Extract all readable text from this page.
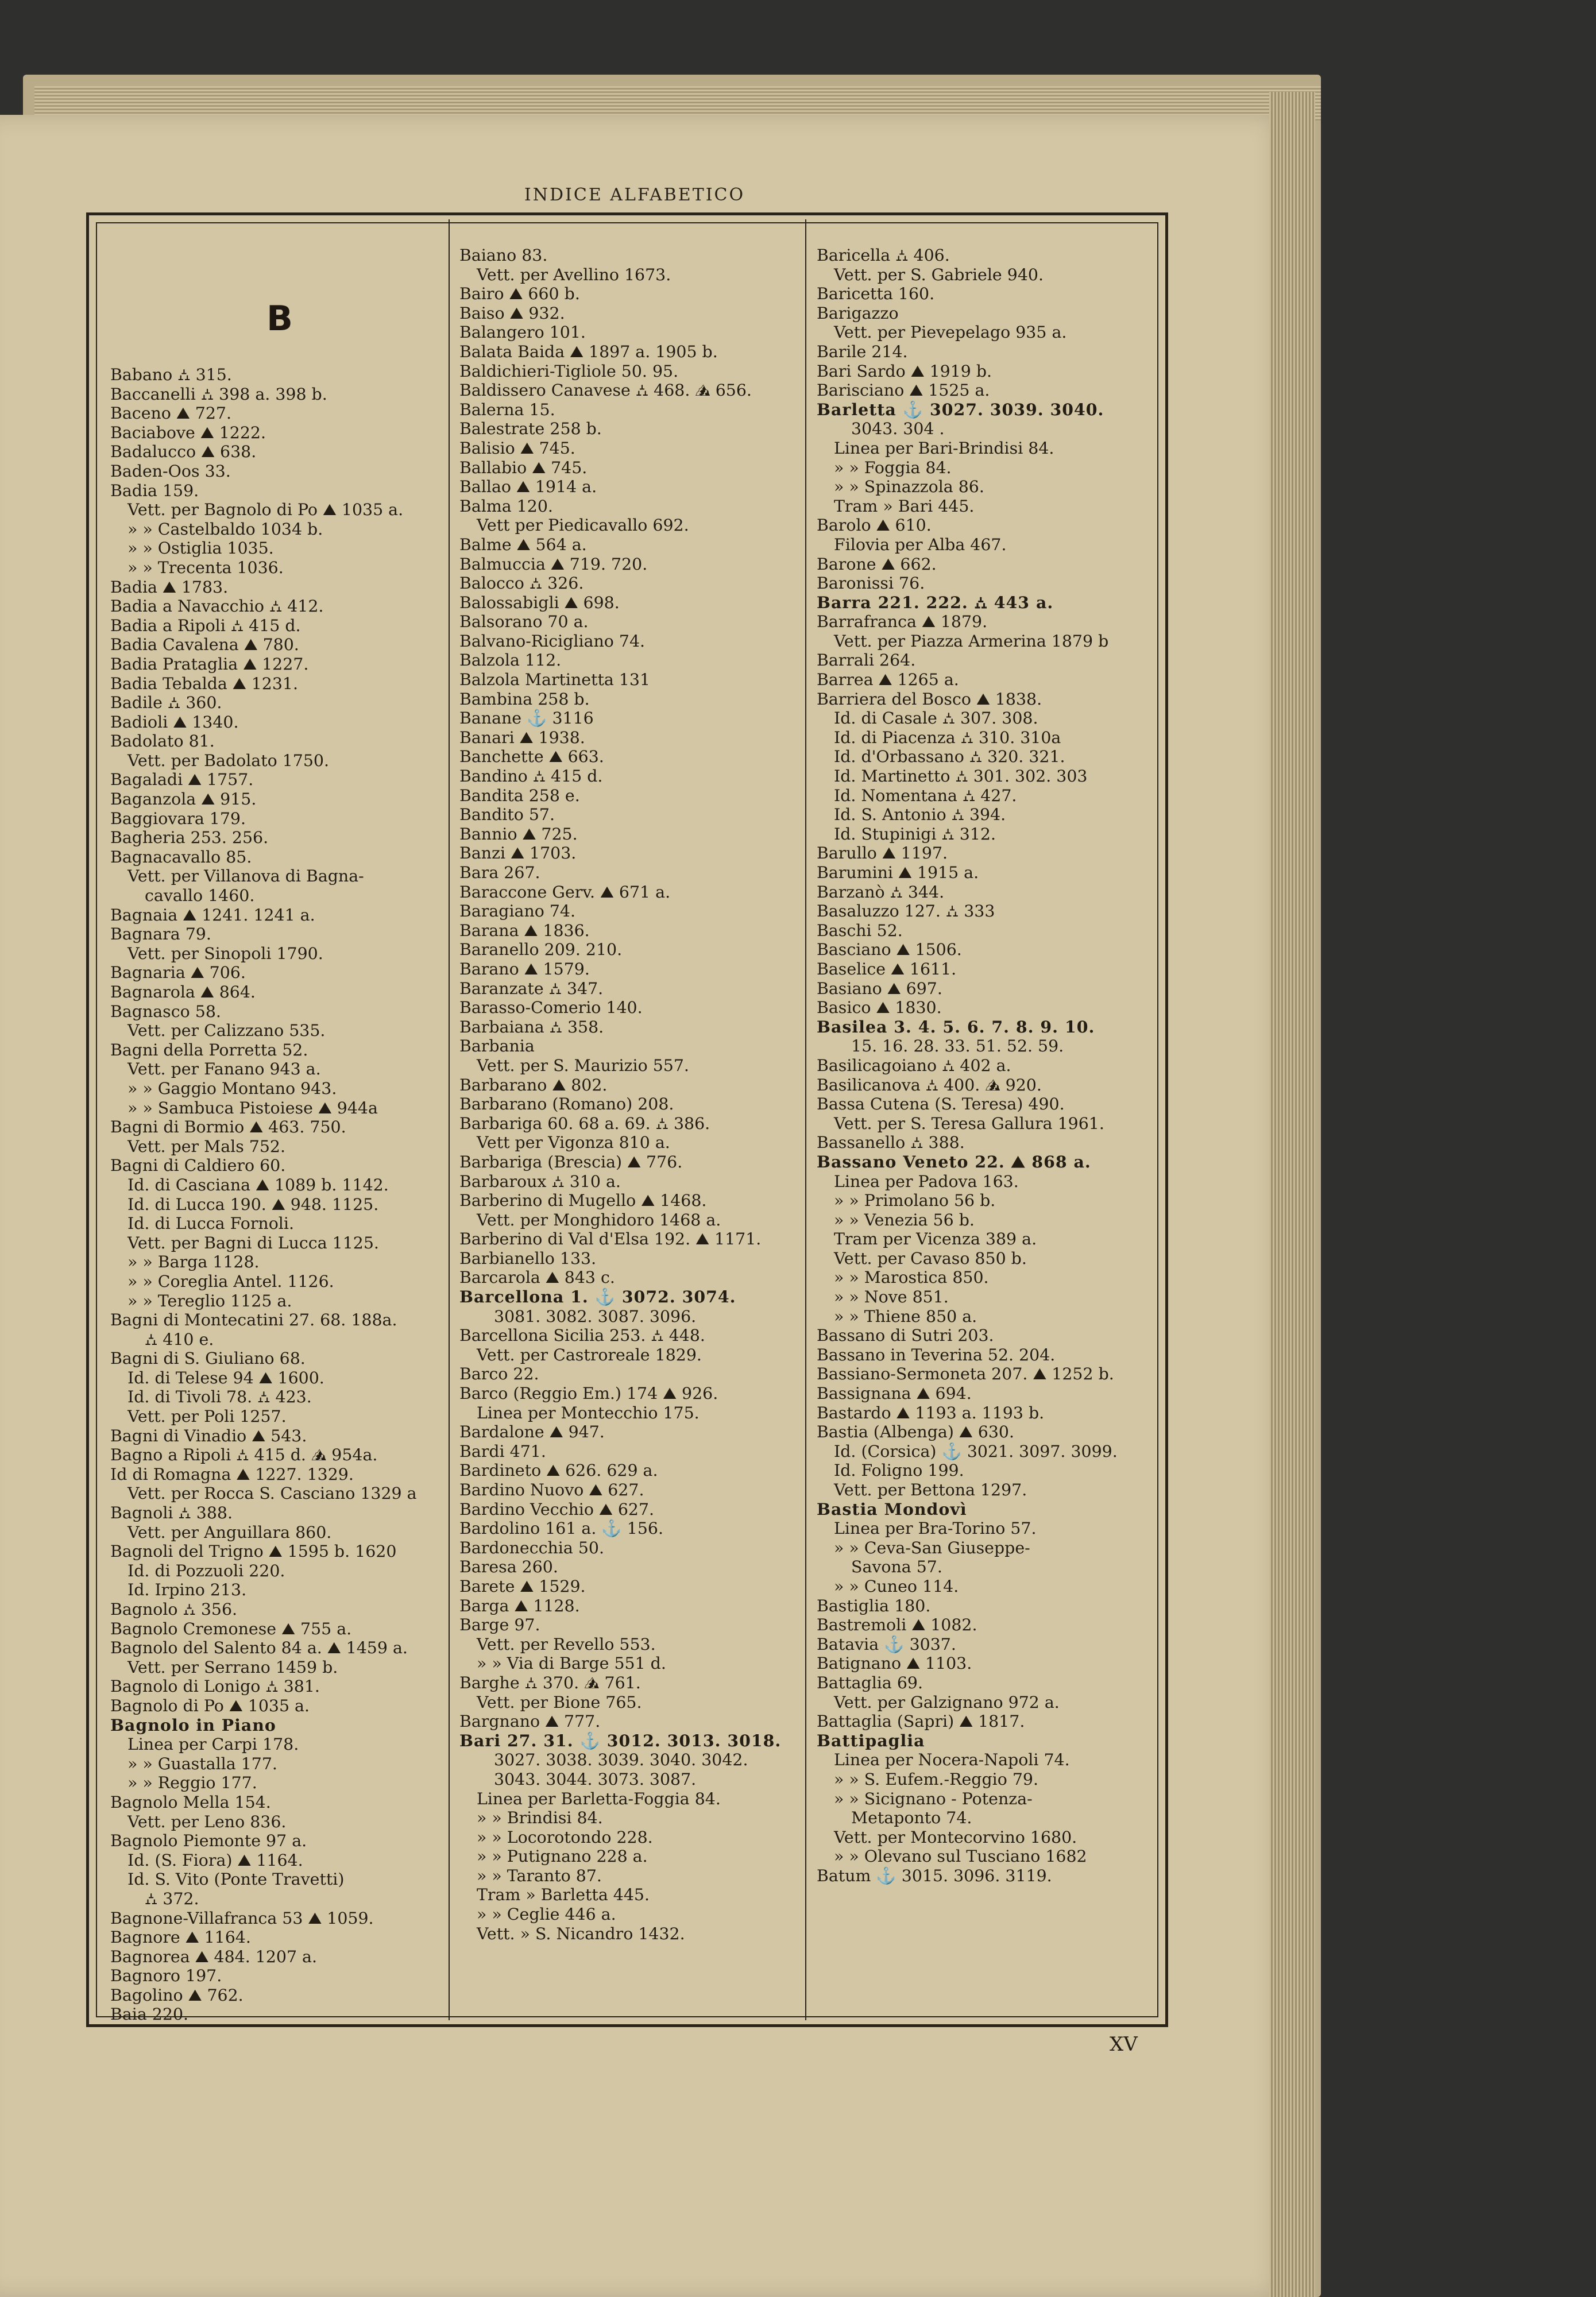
INDICE ALFABETICO
B
Babano ⛼ 315.
Baccanelli ⛼ 398 a. 398 b.
Baceno ⛰ 727.
Baciabove ⛰ 1222.
Badalucco ⛰ 638.
Baden-Oos 33.
Badia 159.
Vett. per Bagnolo di Po ⛰ 1035 a.
» » Castelbaldo 1034 b.
» » Ostiglia 1035.
» » Trecenta 1036.
Badia ⛰ 1783.
Badia a Navacchio ⛼ 412.
Badia a Ripoli ⛼ 415 d.
Badia Cavalena ⛰ 780.
Badia Prataglia ⛰ 1227.
Badia Tebalda ⛰ 1231.
Badile ⛼ 360.
Badioli ⛰ 1340.
Badolato 81.
Vett. per Badolato 1750.
Bagaladi ⛰ 1757.
Baganzola ⛰ 915.
Baggiovara 179.
Bagheria 253. 256.
Bagnacavallo 85.
Vett. per Villanova di Bagna-
cavallo 1460.
Bagnaia ⛰ 1241. 1241 a.
Bagnara 79.
Vett. per Sinopoli 1790.
Bagnaria ⛰ 706.
Bagnarola ⛰ 864.
Bagnasco 58.
Vett. per Calizzano 535.
Bagni della Porretta 52.
Vett. per Fanano 943 a.
» » Gaggio Montano 943.
» » Sambuca Pistoiese ⛰ 944a
Bagni di Bormio ⛰ 463. 750.
Vett. per Mals 752.
Bagni di Caldiero 60.
Id. di Casciana ⛰ 1089 b. 1142.
Id. di Lucca 190. ⛰ 948. 1125.
Id. di Lucca Fornoli.
Vett. per Bagni di Lucca 1125.
» » Barga 1128.
» » Coreglia Antel. 1126.
» » Tereglio 1125 a.
Bagni di Montecatini 27. 68. 188a.
⛼ 410 e.
Bagni di S. Giuliano 68.
Id. di Telese 94 ⛰ 1600.
Id. di Tivoli 78. ⛼ 423.
Vett. per Poli 1257.
Bagni di Vinadio ⛰ 543.
Bagno a Ripoli ⛼ 415 d. ⛰ 954a.
Id di Romagna ⛰ 1227. 1329.
Vett. per Rocca S. Casciano 1329 a
Bagnoli ⛼ 388.
Vett. per Anguillara 860.
Bagnoli del Trigno ⛰ 1595 b. 1620
Id. di Pozzuoli 220.
Id. Irpino 213.
Bagnolo ⛼ 356.
Bagnolo Cremonese ⛰ 755 a.
Bagnolo del Salento 84 a. ⛰ 1459 a.
Vett. per Serrano 1459 b.
Bagnolo di Lonigo ⛼ 381.
Bagnolo di Po ⛰ 1035 a.
Bagnolo in Piano
Linea per Carpi 178.
» » Guastalla 177.
» » Reggio 177.
Bagnolo Mella 154.
Vett. per Leno 836.
Bagnolo Piemonte 97 a.
Id. (S. Fiora) ⛰ 1164.
Id. S. Vito (Ponte Travetti)
⛼ 372.
Bagnone-Villafranca 53 ⛰ 1059.
Bagnore ⛰ 1164.
Bagnorea ⛰ 484. 1207 a.
Bagnoro 197.
Bagolino ⛰ 762.
Baia 220.
Baiano 83.
Vett. per Avellino 1673.
Bairo ⛰ 660 b.
Baiso ⛰ 932.
Balangero 101.
Balata Baida ⛰ 1897 a. 1905 b.
Baldichieri-Tigliole 50. 95.
Baldissero Canavese ⛼ 468. ⛰ 656.
Balerna 15.
Balestrate 258 b.
Balisio ⛰ 745.
Ballabio ⛰ 745.
Ballao ⛰ 1914 a.
Balma 120.
Vett per Piedicavallo 692.
Balme ⛰ 564 a.
Balmuccia ⛰ 719. 720.
Balocco ⛼ 326.
Balossabigli ⛰ 698.
Balsorano 70 a.
Balvano-Ricigliano 74.
Balzola 112.
Balzola Martinetta 131
Bambina 258 b.
Banane ⚓ 3116
Banari ⛰ 1938.
Banchette ⛰ 663.
Bandino ⛼ 415 d.
Bandita 258 e.
Bandito 57.
Bannio ⛰ 725.
Banzi ⛰ 1703.
Bara 267.
Baraccone Gerv. ⛰ 671 a.
Baragiano 74.
Barana ⛰ 1836.
Baranello 209. 210.
Barano ⛰ 1579.
Baranzate ⛼ 347.
Barasso-Comerio 140.
Barbaiana ⛼ 358.
Barbania
Vett. per S. Maurizio 557.
Barbarano ⛰ 802.
Barbarano (Romano) 208.
Barbariga 60. 68 a. 69. ⛼ 386.
Vett per Vigonza 810 a.
Barbariga (Brescia) ⛰ 776.
Barbaroux ⛼ 310 a.
Barberino di Mugello ⛰ 1468.
Vett. per Monghidoro 1468 a.
Barberino di Val d'Elsa 192. ⛰ 1171.
Barbianello 133.
Barcarola ⛰ 843 c.
Barcellona 1. ⚓ 3072. 3074.
3081. 3082. 3087. 3096.
Barcellona Sicilia 253. ⛼ 448.
Vett. per Castroreale 1829.
Barco 22.
Barco (Reggio Em.) 174 ⛰ 926.
Linea per Montecchio 175.
Bardalone ⛰ 947.
Bardi 471.
Bardineto ⛰ 626. 629 a.
Bardino Nuovo ⛰ 627.
Bardino Vecchio ⛰ 627.
Bardolino 161 a. ⚓ 156.
Bardonecchia 50.
Baresa 260.
Barete ⛰ 1529.
Barga ⛰ 1128.
Barge 97.
Vett. per Revello 553.
» » Via di Barge 551 d.
Barghe ⛼ 370. ⛰ 761.
Vett. per Bione 765.
Bargnano ⛰ 777.
Bari 27. 31. ⚓ 3012. 3013. 3018.
3027. 3038. 3039. 3040. 3042.
3043. 3044. 3073. 3087.
Linea per Barletta-Foggia 84.
» » Brindisi 84.
» » Locorotondo 228.
» » Putignano 228 a.
» » Taranto 87.
Tram » Barletta 445.
» » Ceglie 446 a.
Vett. » S. Nicandro 1432.
Baricella ⛼ 406.
Vett. per S. Gabriele 940.
Baricetta 160.
Barigazzo
Vett. per Pievepelago 935 a.
Barile 214.
Bari Sardo ⛰ 1919 b.
Barisciano ⛰ 1525 a.
Barletta ⚓ 3027. 3039. 3040.
3043. 304 .
Linea per Bari-Brindisi 84.
» » Foggia 84.
» » Spinazzola 86.
Tram » Bari 445.
Barolo ⛰ 610.
Filovia per Alba 467.
Barone ⛰ 662.
Baronissi 76.
Barra 221. 222. ⛼ 443 a.
Barrafranca ⛰ 1879.
Vett. per Piazza Armerina 1879 b
Barrali 264.
Barrea ⛰ 1265 a.
Barriera del Bosco ⛰ 1838.
Id. di Casale ⛼ 307. 308.
Id. di Piacenza ⛼ 310. 310a
Id. d'Orbassano ⛼ 320. 321.
Id. Martinetto ⛼ 301. 302. 303
Id. Nomentana ⛼ 427.
Id. S. Antonio ⛼ 394.
Id. Stupinigi ⛼ 312.
Barullo ⛰ 1197.
Barumini ⛰ 1915 a.
Barzanò ⛼ 344.
Basaluzzo 127. ⛼ 333
Baschi 52.
Basciano ⛰ 1506.
Baselice ⛰ 1611.
Basiano ⛰ 697.
Basico ⛰ 1830.
Basilea 3. 4. 5. 6. 7. 8. 9. 10.
15. 16. 28. 33. 51. 52. 59.
Basilicagoiano ⛼ 402 a.
Basilicanova ⛼ 400. ⛰ 920.
Bassa Cutena (S. Teresa) 490.
Vett. per S. Teresa Gallura 1961.
Bassanello ⛼ 388.
Bassano Veneto 22. ⛰ 868 a.
Linea per Padova 163.
» » Primolano 56 b.
» » Venezia 56 b.
Tram per Vicenza 389 a.
Vett. per Cavaso 850 b.
» » Marostica 850.
» » Nove 851.
» » Thiene 850 a.
Bassano di Sutri 203.
Bassano in Teverina 52. 204.
Bassiano-Sermoneta 207. ⛰ 1252 b.
Bassignana ⛰ 694.
Bastardo ⛰ 1193 a. 1193 b.
Bastia (Albenga) ⛰ 630.
Id. (Corsica) ⚓ 3021. 3097. 3099.
Id. Foligno 199.
Vett. per Bettona 1297.
Bastia Mondovì
Linea per Bra-Torino 57.
» » Ceva-San Giuseppe-
Savona 57.
» » Cuneo 114.
Bastiglia 180.
Bastremoli ⛰ 1082.
Batavia ⚓ 3037.
Batignano ⛰ 1103.
Battaglia 69.
Vett. per Galzignano 972 a.
Battaglia (Sapri) ⛰ 1817.
Battipaglia
Linea per Nocera-Napoli 74.
» » S. Eufem.-Reggio 79.
» » Sicignano - Potenza-
Metaponto 74.
Vett. per Montecorvino 1680.
» » Olevano sul Tusciano 1682
Batum ⚓ 3015. 3096. 3119.
XV
